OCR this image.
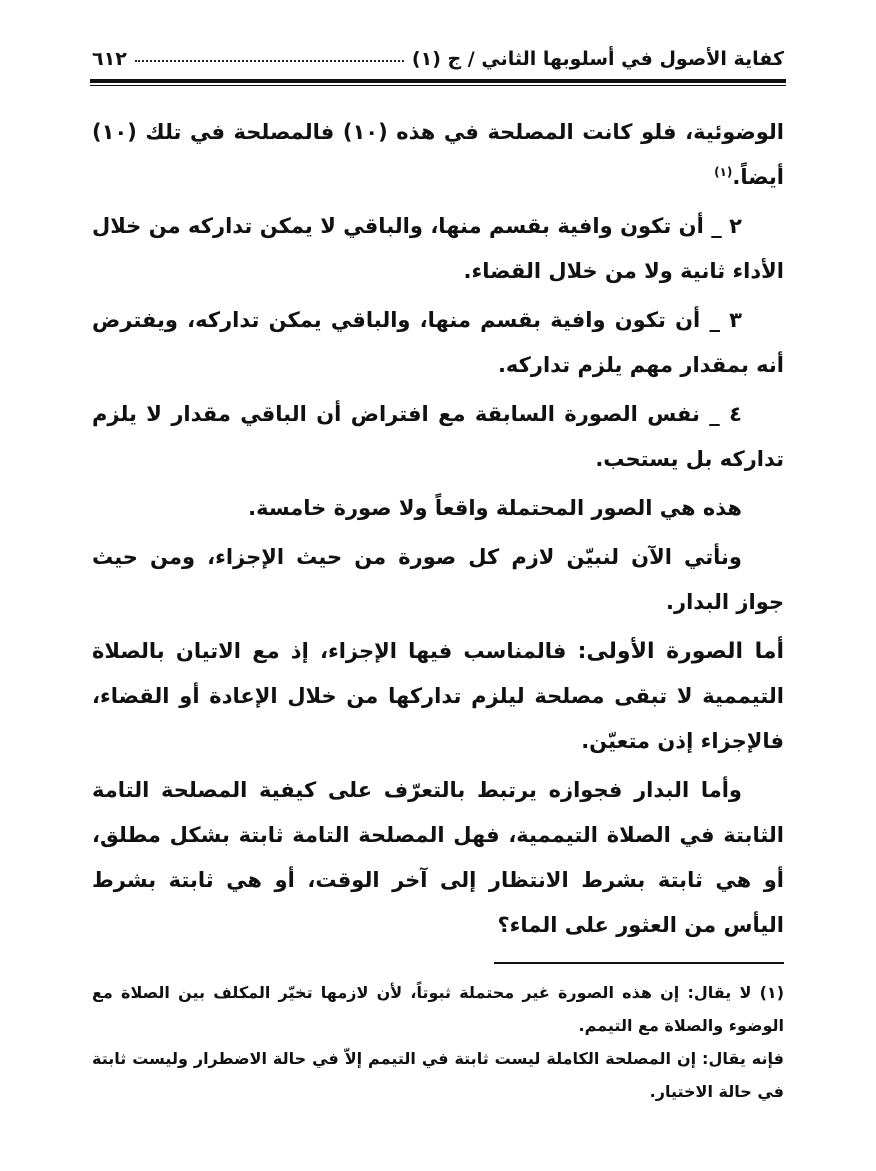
كفاية الأصول في أسلوبها الثاني / ج (١)
٦١٢

الوضوئية، فلو كانت المصلحة في هذه (١٠) فالمصلحة في تلك (١٠) أيضاً.$^{(١)}$

٢ _ أن تكون وافية بقسم منها، والباقي لا يمكن تداركه من خلال الأداء ثانية ولا من خلال القضاء.

٣ _ أن تكون وافية بقسم منها، والباقي يمكن تداركه، ويفترض أنه بمقدار مهم يلزم تداركه.

٤ _ نفس الصورة السابقة مع افتراض أن الباقي مقدار لا يلزم تداركه بل يستحب.

هذه هي الصور المحتملة واقعاً ولا صورة خامسة.

ونأتي الآن لنبيّن لازم كل صورة من حيث الإجزاء، ومن حيث جواز البدار.

أما الصورة الأولى: فالمناسب فيها الإجزاء، إذ مع الاتيان بالصلاة التيممية لا تبقى مصلحة ليلزم تداركها من خلال الإعادة أو القضاء، فالإجزاء إذن متعيّن.

وأما البدار فجوازه يرتبط بالتعرّف على كيفية المصلحة التامة الثابتة في الصلاة التيممية، فهل المصلحة التامة ثابتة بشكل مطلق، أو هي ثابتة بشرط الانتظار إلى آخر الوقت، أو هي ثابتة بشرط اليأس من العثور على الماء؟

(١) لا يقال: إن هذه الصورة غير محتملة ثبوتاً، لأن لازمها تخيّر المكلف بين الصلاة مع الوضوء والصلاة مع التيمم.

فإنه يقال: إن المصلحة الكاملة ليست ثابتة في التيمم إلاّ في حالة الاضطرار وليست ثابتة في حالة الاختيار.
